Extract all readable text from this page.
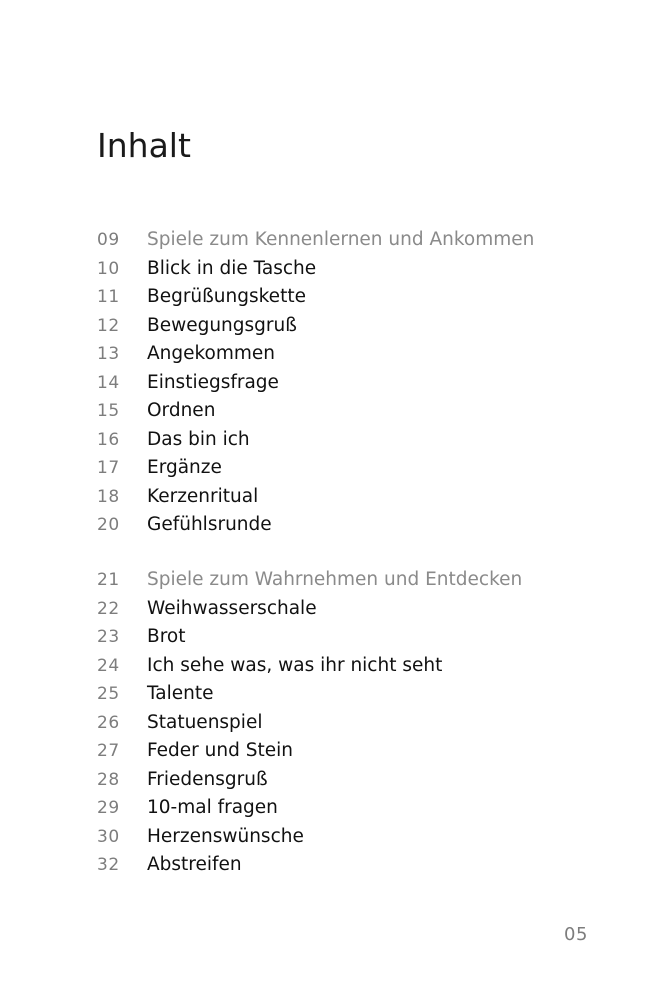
Inhalt
09	Spiele zum Kennenlernen und Ankommen
10	Blick in die Tasche
11	Begrüßungskette
12	Bewegungsgruß
13	Angekommen
14	Einstiegsfrage
15	Ordnen
16	Das bin ich
17	Ergänze
18	Kerzenritual
20	Gefühlsrunde
21	Spiele zum Wahrnehmen und Entdecken
22	Weihwasserschale
23	Brot
24	Ich sehe was, was ihr nicht seht
25	Talente
26	Statuenspiel
27	Feder und Stein
28	Friedensgruß
29	10-mal fragen
30	Herzenswünsche
32	Abstreifen
05
